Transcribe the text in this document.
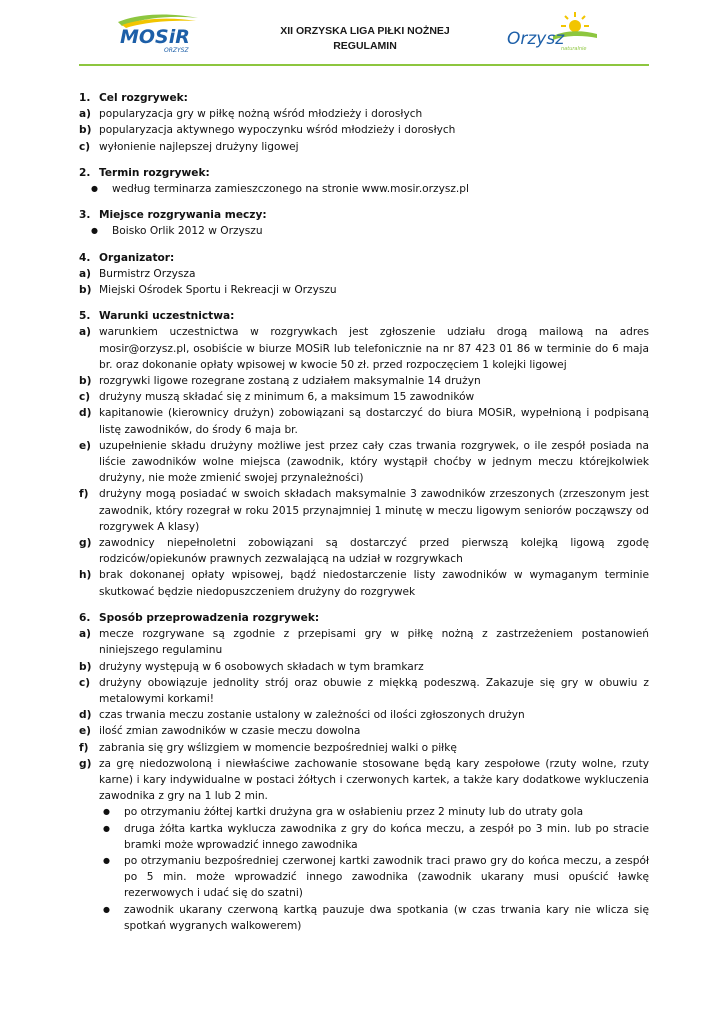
MOSiR
ORZYSZ
XII ORZYSKA LIGA PIŁKI NOŻNEJ
REGULAMIN	Orzysz
naturalnie
1. Cel rozgrywek:
a) popularyzacja gry w piłkę nożną wśród młodzieży i dorosłych
b) popularyzacja aktywnego wypoczynku wśród młodzieży i dorosłych
c) wyłonienie najlepszej drużyny ligowej
2. Termin rozgrywek:
●	według terminarza zamieszczonego na stronie www.mosir.orzysz.pl
3. Miejsce rozgrywania meczy:
●	Boisko Orlik 2012 w Orzyszu
4. Organizator:
a) Burmistrz Orzysza
b) Miejski Ośrodek Sportu i Rekreacji w Orzyszu
5. Warunki uczestnictwa:
a) warunkiem uczestnictwa w rozgrywkach jest zgłoszenie udziału drogą mailową na adres mosir@orzysz.pl, osobiście w biurze MOSiR lub telefonicznie na nr 87 423 01 86 w terminie do 6 maja br. oraz dokonanie opłaty wpisowej w kwocie 50 zł. przed rozpoczęciem 1 kolejki ligowej
b) rozgrywki ligowe rozegrane zostaną z udziałem maksymalnie 14 drużyn
c) drużyny muszą składać się z minimum 6, a maksimum 15 zawodników
d) kapitanowie (kierownicy drużyn) zobowiązani są dostarczyć do biura MOSiR, wypełnioną i podpisaną listę zawodników, do środy 6 maja br.
e) uzupełnienie składu drużyny możliwe jest przez cały czas trwania rozgrywek, o ile zespół posiada na liście zawodników wolne miejsca (zawodnik, który wystąpił choćby w jednym meczu którejkolwiek drużyny, nie może zmienić swojej przynależności)
f) drużyny mogą posiadać w swoich składach maksymalnie 3 zawodników zrzeszonych (zrzeszonym jest zawodnik, który rozegrał w roku 2015 przynajmniej 1 minutę w meczu ligowym seniorów począwszy od rozgrywek A klasy)
g) zawodnicy niepełnoletni zobowiązani są dostarczyć przed pierwszą kolejką ligową zgodę rodziców/opiekunów prawnych zezwalającą na udział w rozgrywkach
h) brak dokonanej opłaty wpisowej, bądź niedostarczenie listy zawodników w wymaganym terminie skutkować będzie niedopuszczeniem drużyny do rozgrywek
6. Sposób przeprowadzenia rozgrywek:
a) mecze rozgrywane są zgodnie z przepisami gry w piłkę nożną z zastrzeżeniem postanowień niniejszego regulaminu
b) drużyny występują w 6 osobowych składach w tym bramkarz
c) drużyny obowiązuje jednolity strój oraz obuwie z miękką podeszwą. Zakazuje się gry w obuwiu z metalowymi korkami!
d) czas trwania meczu zostanie ustalony w zależności od ilości zgłoszonych drużyn
e) ilość zmian zawodników w czasie meczu dowolna
f) zabrania się gry wślizgiem w momencie bezpośredniej walki o piłkę
g) za grę niedozwoloną i niewłaściwe zachowanie stosowane będą kary zespołowe (rzuty wolne, rzuty karne) i kary indywidualne w postaci żółtych i czerwonych kartek, a także kary dodatkowe wykluczenia zawodnika z gry na 1 lub 2 min.
●	po otrzymaniu żółtej kartki drużyna gra w osłabieniu przez 2 minuty lub do utraty gola
●	druga żółta kartka wyklucza zawodnika z gry do końca meczu, a zespół po 3 min. lub po stracie bramki może wprowadzić innego zawodnika
●	po otrzymaniu bezpośredniej czerwonej kartki zawodnik traci prawo gry do końca meczu, a zespół po 5 min. może wprowadzić innego zawodnika (zawodnik ukarany musi opuścić ławkę rezerwowych i udać się do szatni)
●	zawodnik ukarany czerwoną kartką pauzuje dwa spotkania (w czas trwania kary nie wlicza się spotkań wygranych walkowerem)
